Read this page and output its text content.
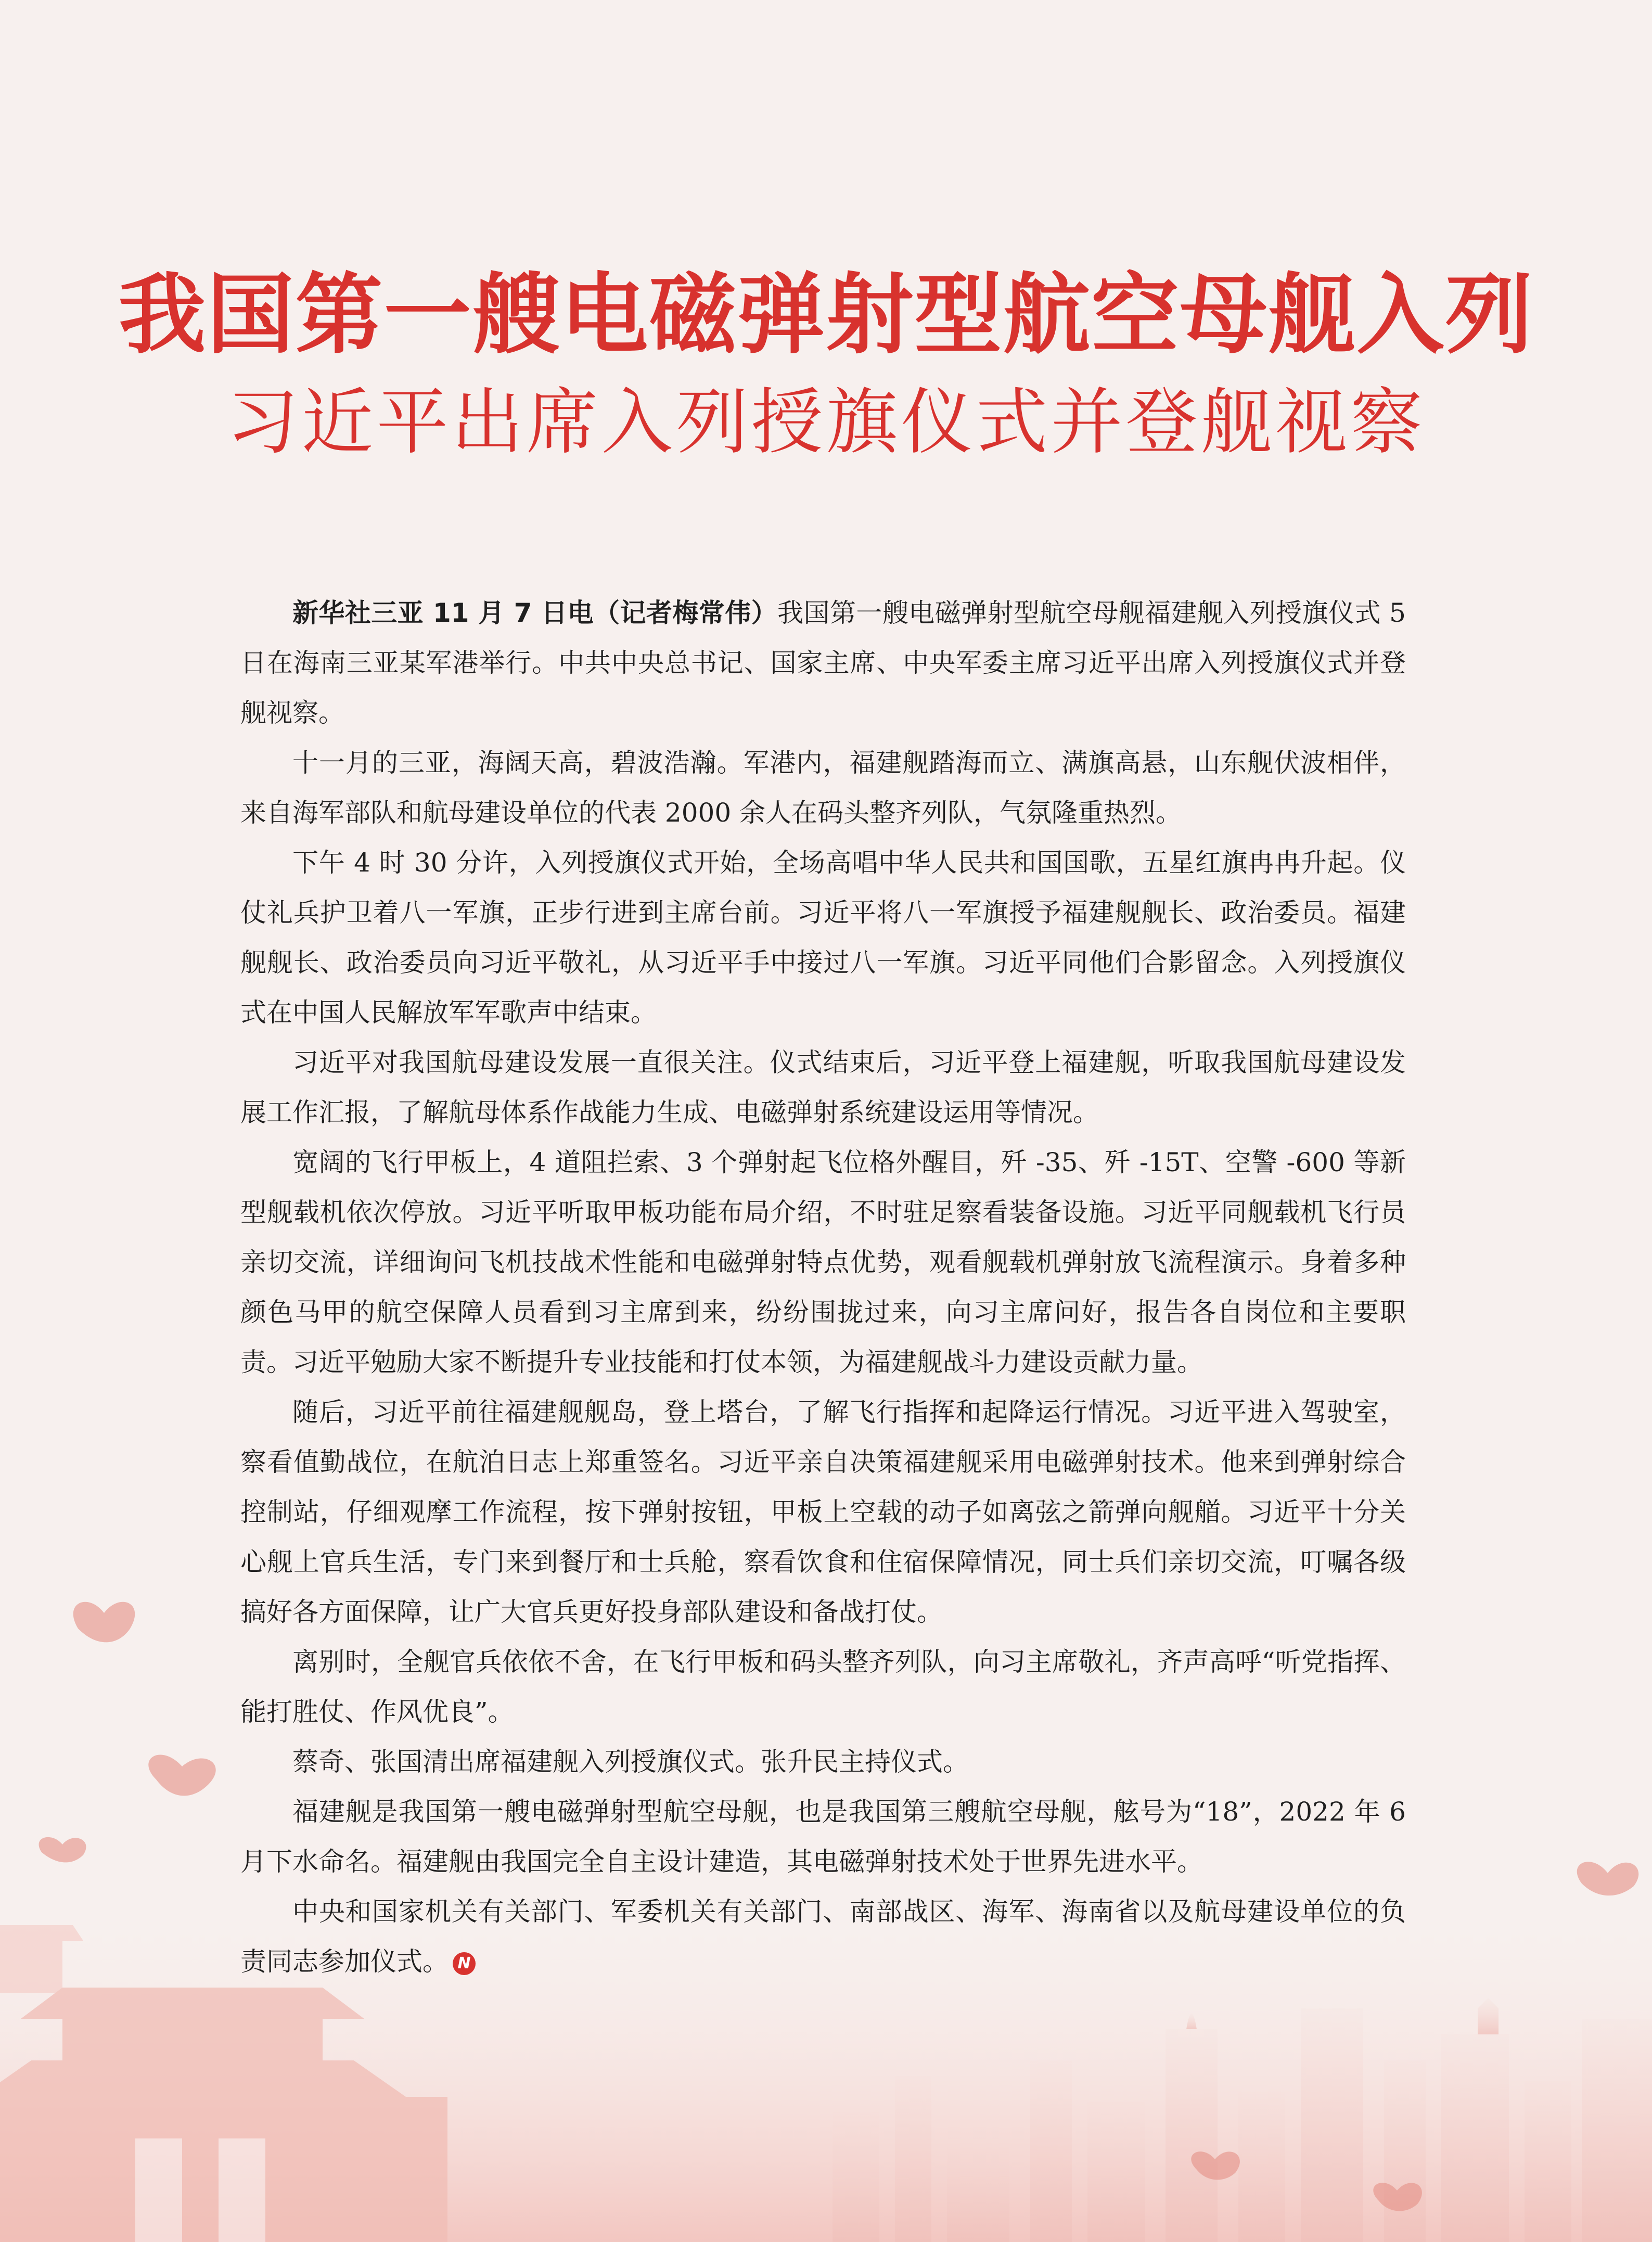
我国第一艘电磁弹射型航空母舰入列
习近平出席入列授旗仪式并登舰视察

新华社三亚 11 月 7 日电（记者梅常伟）我国第一艘电磁弹射型航空母舰福建舰入列授旗仪式 5 日在海南三亚某军港举行。中共中央总书记、国家主席、中央军委主席习近平出席入列授旗仪式并登舰视察。

十一月的三亚，海阔天高，碧波浩瀚。军港内，福建舰踏海而立、满旗高悬，山东舰伏波相伴，来自海军部队和航母建设单位的代表 2000 余人在码头整齐列队，气氛隆重热烈。

下午 4 时 30 分许，入列授旗仪式开始，全场高唱中华人民共和国国歌，五星红旗冉冉升起。仪仗礼兵护卫着八一军旗，正步行进到主席台前。习近平将八一军旗授予福建舰舰长、政治委员。福建舰舰长、政治委员向习近平敬礼，从习近平手中接过八一军旗。习近平同他们合影留念。入列授旗仪式在中国人民解放军军歌声中结束。

习近平对我国航母建设发展一直很关注。仪式结束后，习近平登上福建舰，听取我国航母建设发展工作汇报，了解航母体系作战能力生成、电磁弹射系统建设运用等情况。

宽阔的飞行甲板上，4 道阻拦索、3 个弹射起飞位格外醒目，歼 -35、歼 -15T、空警 -600 等新型舰载机依次停放。习近平听取甲板功能布局介绍，不时驻足察看装备设施。习近平同舰载机飞行员亲切交流，详细询问飞机技战术性能和电磁弹射特点优势，观看舰载机弹射放飞流程演示。身着多种颜色马甲的航空保障人员看到习主席到来，纷纷围拢过来，向习主席问好，报告各自岗位和主要职责。习近平勉励大家不断提升专业技能和打仗本领，为福建舰战斗力建设贡献力量。

随后，习近平前往福建舰舰岛，登上塔台，了解飞行指挥和起降运行情况。习近平进入驾驶室，察看值勤战位，在航泊日志上郑重签名。习近平亲自决策福建舰采用电磁弹射技术。他来到弹射综合控制站，仔细观摩工作流程，按下弹射按钮，甲板上空载的动子如离弦之箭弹向舰艏。习近平十分关心舰上官兵生活，专门来到餐厅和士兵舱，察看饮食和住宿保障情况，同士兵们亲切交流，叮嘱各级搞好各方面保障，让广大官兵更好投身部队建设和备战打仗。

离别时，全舰官兵依依不舍，在飞行甲板和码头整齐列队，向习主席敬礼，齐声高呼“听党指挥、能打胜仗、作风优良”。

蔡奇、张国清出席福建舰入列授旗仪式。张升民主持仪式。

福建舰是我国第一艘电磁弹射型航空母舰，也是我国第三艘航空母舰，舷号为“18”，2022 年 6 月下水命名。福建舰由我国完全自主设计建造，其电磁弹射技术处于世界先进水平。

中央和国家机关有关部门、军委机关有关部门、南部战区、海军、海南省以及航母建设单位的负责同志参加仪式。 N
